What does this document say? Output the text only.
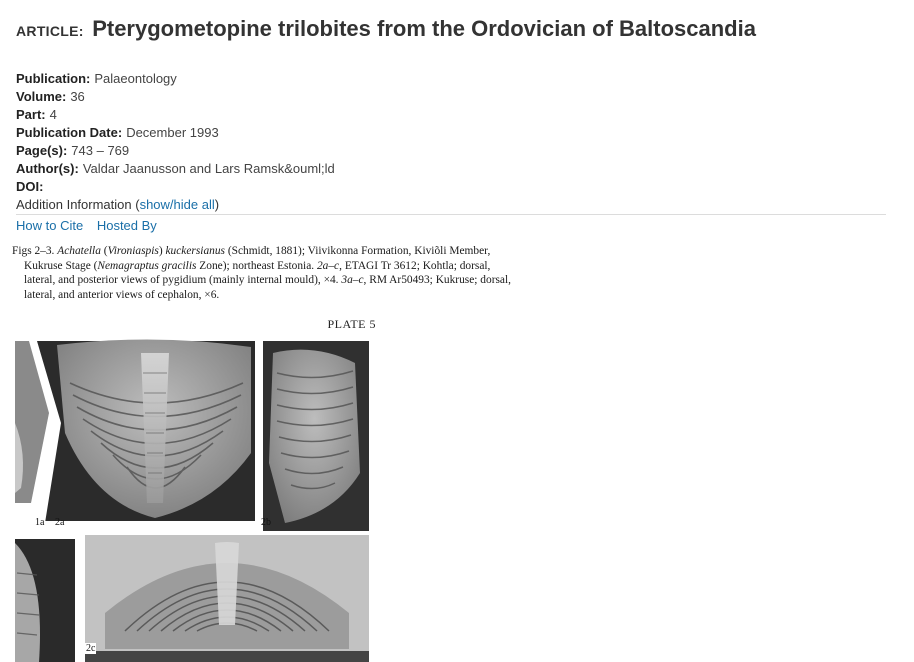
ARTICLE: Pterygometopine trilobites from the Ordovician of Baltoscandia
Publication: Palaeontology
Volume: 36
Part: 4
Publication Date: December 1993
Page(s): 743 – 769
Author(s): Valdar Jaanusson and Lars Ramsk&ouml;ld
DOI:
Addition Information (show/hide all)
How to Cite Hosted By
Figs 2–3. Achatella (Vironiaspis) kuckersianus (Schmidt, 1881); Viivikonna Formation, Kiviõli Member,
Kukruse Stage (Nemagraptus gracilis Zone); northeast Estonia. 2a–c, ETAGI Tr 3612; Kohtla; dorsal,
lateral, and posterior views of pygidium (mainly internal mould), ×4. 3a–c, RM Ar50493; Kukruse; dorsal,
lateral, and anterior views of cephalon, ×6.
PLATE 5
1a 2a	2b
2c
